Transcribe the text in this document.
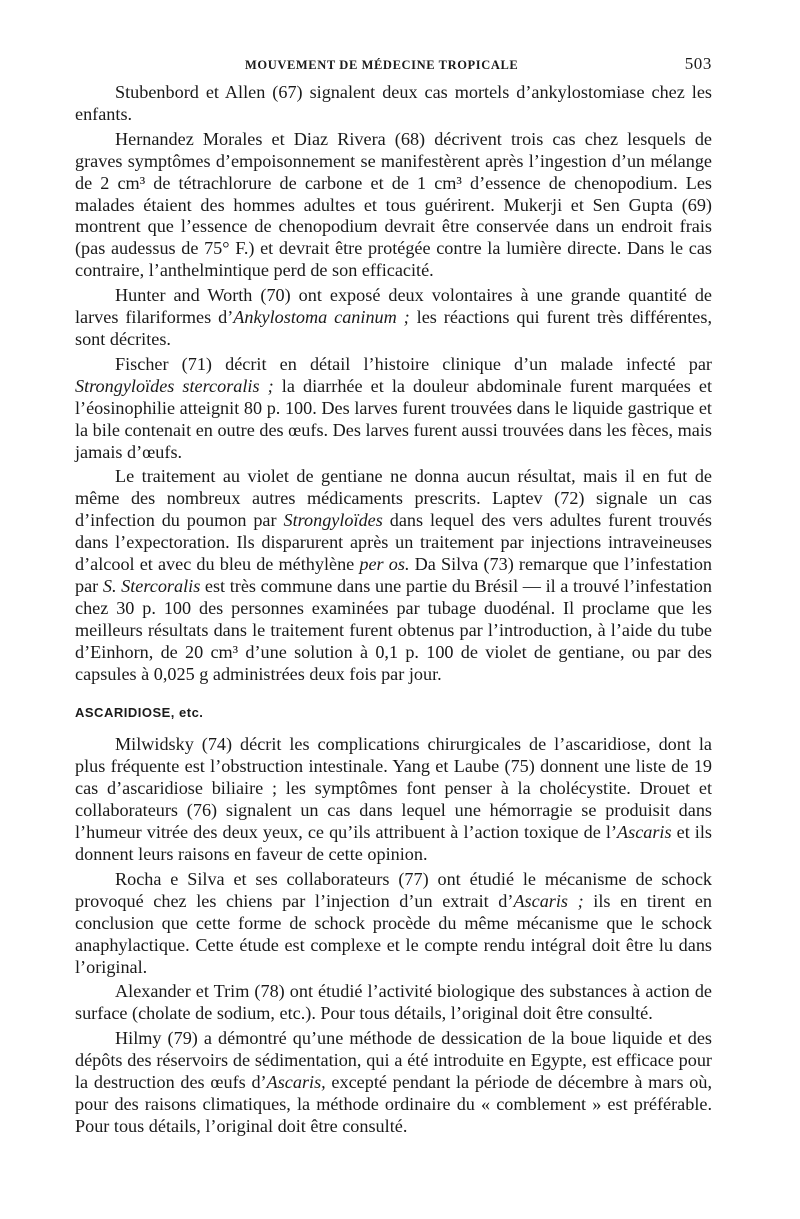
MOUVEMENT DE MÉDECINE TROPICALE	503

Stubenbord et Allen (67) signalent deux cas mortels d’ankylostomiase chez les enfants.

Hernandez Morales et Diaz Rivera (68) décrivent trois cas chez lesquels de graves symptômes d’empoisonnement se manifestèrent après l’ingestion d’un mélange de 2 cm³ de tétrachlorure de carbone et de 1 cm³ d’essence de chenopodium. Les malades étaient des hommes adultes et tous guérirent. Mukerji et Sen Gupta (69) montrent que l’essence de chenopodium devrait être conservée dans un endroit frais (pas audessus de 75° F.) et devrait être protégée contre la lumière directe. Dans le cas contraire, l’anthelmintique perd de son efficacité.

Hunter and Worth (70) ont exposé deux volontaires à une grande quantité de larves filariformes d’Ankylostoma caninum ; les réactions qui furent très différentes, sont décrites.

Fischer (71) décrit en détail l’histoire clinique d’un malade infecté par Strongyloïdes stercoralis ; la diarrhée et la douleur abdominale furent marquées et l’éosinophilie atteignit 80 p. 100. Des larves furent trouvées dans le liquide gastrique et la bile contenait en outre des œufs. Des larves furent aussi trouvées dans les fèces, mais jamais d’œufs.

Le traitement au violet de gentiane ne donna aucun résultat, mais il en fut de même des nombreux autres médicaments prescrits. Laptev (72) signale un cas d’infection du poumon par Strongyloïdes dans lequel des vers adultes furent trouvés dans l’expectoration. Ils disparurent après un traitement par injections intraveineuses d’alcool et avec du bleu de méthylène per os. Da Silva (73) remarque que l’infestation par S. Stercoralis est très commune dans une partie du Brésil — il a trouvé l’infestation chez 30 p. 100 des personnes examinées par tubage duodénal. Il proclame que les meilleurs résultats dans le traitement furent obtenus par l’introduction, à l’aide du tube d’Einhorn, de 20 cm³ d’une solution à 0,1 p. 100 de violet de gentiane, ou par des capsules à 0,025 g administrées deux fois par jour.

ASCARIDIOSE, etc.

Milwidsky (74) décrit les complications chirurgicales de l’ascaridiose, dont la plus fréquente est l’obstruction intestinale. Yang et Laube (75) donnent une liste de 19 cas d’ascaridiose biliaire ; les symptômes font penser à la cholécystite. Drouet et collaborateurs (76) signalent un cas dans lequel une hémorragie se produisit dans l’humeur vitrée des deux yeux, ce qu’ils attribuent à l’action toxique de l’Ascaris et ils donnent leurs raisons en faveur de cette opinion.

Rocha e Silva et ses collaborateurs (77) ont étudié le mécanisme de schock provoqué chez les chiens par l’injection d’un extrait d’Ascaris ; ils en tirent en conclusion que cette forme de schock procède du même mécanisme que le schock anaphylactique. Cette étude est complexe et le compte rendu intégral doit être lu dans l’original.

Alexander et Trim (78) ont étudié l’activité biologique des substances à action de surface (cholate de sodium, etc.). Pour tous détails, l’original doit être consulté.

Hilmy (79) a démontré qu’une méthode de dessication de la boue liquide et des dépôts des réservoirs de sédimentation, qui a été introduite en Egypte, est efficace pour la destruction des œufs d’Ascaris, excepté pendant la période de décembre à mars où, pour des raisons climatiques, la méthode ordinaire du « comblement » est préférable. Pour tous détails, l’original doit être consulté.
